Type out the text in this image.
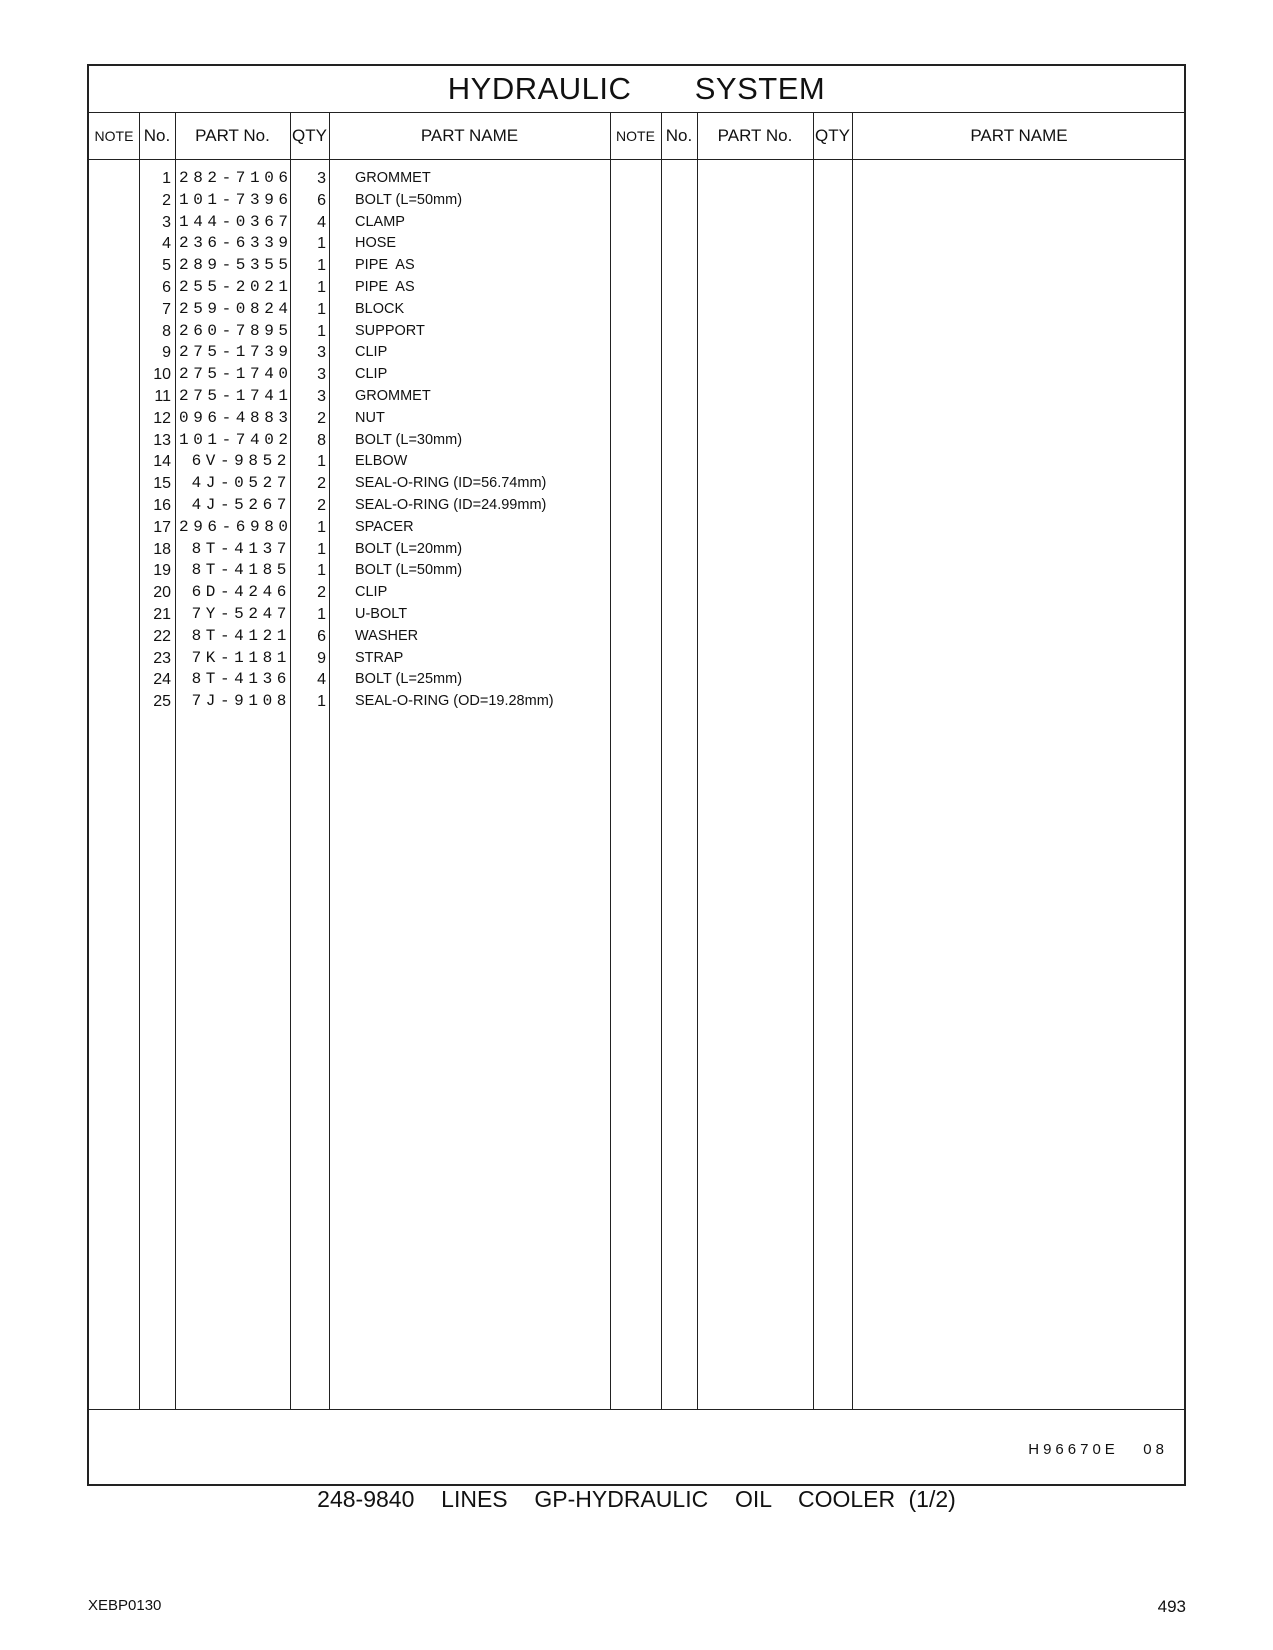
HYDRAULIC   SYSTEM
NOTE No.	PART No.	QTY	PART NAME	NOTE No.	PART No.	QTY	PART NAME
1 282-7106	3 GROMMET
2 101-7396	6 BOLT (L=50mm)
3 144-0367	4 CLAMP
4 236-6339	1 HOSE
5 289-5355	1 PIPE  AS
6 255-2021	1 PIPE  AS
7 259-0824	1 BLOCK
8 260-7895	1 SUPPORT
9 275-1739	3 CLIP
10 275-1740	3 CLIP
11 275-1741	3 GROMMET
12 096-4883	2 NUT
13 101-7402	8 BOLT (L=30mm)
14	6V-9852	1 ELBOW
15	4J-0527	2 SEAL-O-RING (ID=56.74mm)
16	4J-5267	2 SEAL-O-RING (ID=24.99mm)
17 296-6980	1 SPACER
18	8T-4137	1 BOLT (L=20mm)
19	8T-4185	1 BOLT (L=50mm)
20	6D-4246	2 CLIP
21	7Y-5247	1 U-BOLT
22	8T-4121	6 WASHER
23	7K-1181	9 STRAP
24	8T-4136	4 BOLT (L=25mm)
25	7J-9108	1 SEAL-O-RING (OD=19.28mm)
H96670E   08
248-9840  LINES  GP-HYDRAULIC  OIL  COOLER (1/2)
XEBP0130	493
